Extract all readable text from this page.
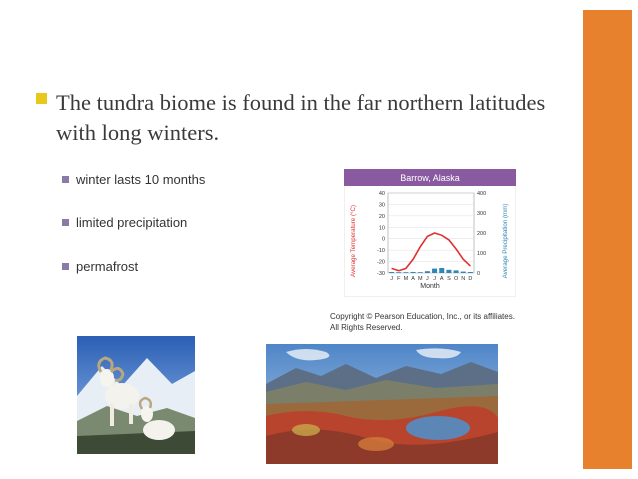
The tundra biome is found in the far northern latitudes with long winters.
winter lasts 10 months
limited precipitation
permafrost
Barrow, Alaska
40
30
20
10
0
-10
-20
-30
400
300
200
100
0
J F M A M J J A S O N D
Month
Average Temperature (°C)	Average Precipitation (mm)
Copyright © Pearson Education, Inc., or its affiliates.
All Rights Reserved.
